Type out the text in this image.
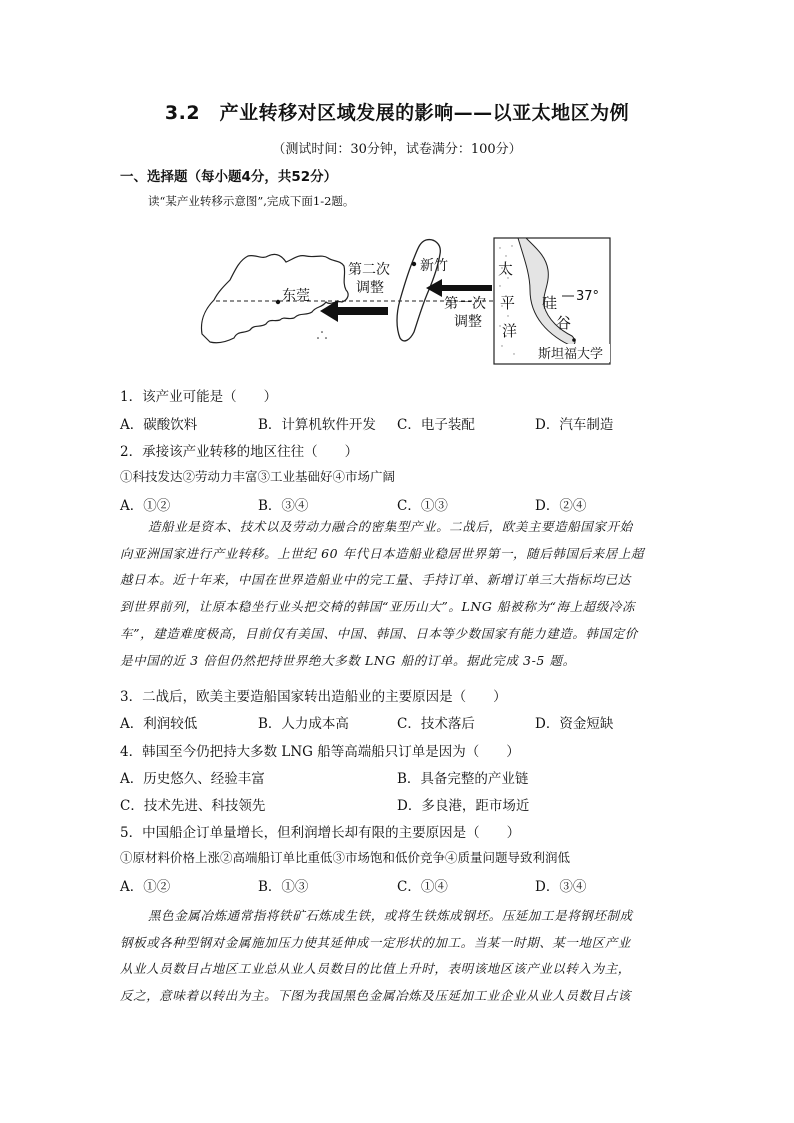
3.2　产业转移对区域发展的影响——以亚太地区为例
（测试时间：30分钟，试卷满分：100分）
一、选择题（每小题4分，共52分）
读“某产业转移示意图”,完成下面1-2题。
第二次
调整
新竹
东莞	第一次
调整
太
平
洋
硅
谷
37°
斯坦福大学
1．该产业可能是（　　）
A．碳酸饮料	B．计算机软件开发 C．电子装配	D．汽车制造
2．承接该产业转移的地区往往（　　）
①科技发达②劳动力丰富③工业基础好④市场广阔
A．①②	B．③④	C．①③	D．②④
造船业是资本、技术以及劳动力融合的密集型产业。二战后，欧美主要造船国家开始
向亚洲国家进行产业转移。上世纪 60 年代日本造船业稳居世界第一，随后韩国后来居上超
越日本。近十年来，中国在世界造船业中的完工量、手持订单、新增订单三大指标均已达
到世界前列，让原本稳坐行业头把交椅的韩国“亚历山大”。LNG 船被称为“海上超级冷冻
车”，建造难度极高，目前仅有美国、中国、韩国、日本等少数国家有能力建造。韩国定价
是中国的近 3 倍但仍然把持世界绝大多数 LNG 船的订单。据此完成 3-5 题。
3．二战后，欧美主要造船国家转出造船业的主要原因是（　　）
A．利润较低	B．人力成本高	C．技术落后	D．资金短缺
4．韩国至今仍把持大多数 LNG 船等高端船只订单是因为（　　）
A．历史悠久、经验丰富	B．具备完整的产业链
C．技术先进、科技领先	D．多良港，距市场近
5．中国船企订单量增长，但利润增长却有限的主要原因是（　　）
①原材料价格上涨②高端船订单比重低③市场饱和低价竞争④质量问题导致利润低
A．①②	B．①③	C．①④	D．③④
黑色金属冶炼通常指将铁矿石炼成生铁，或将生铁炼成钢坯。压延加工是将钢坯制成
钢板或各种型钢对金属施加压力使其延伸成一定形状的加工。当某一时期、某一地区产业
从业人员数目占地区工业总从业人员数目的比值上升时，表明该地区该产业以转入为主，
反之，意味着以转出为主。下图为我国黑色金属冶炼及压延加工业企业从业人员数目占该
